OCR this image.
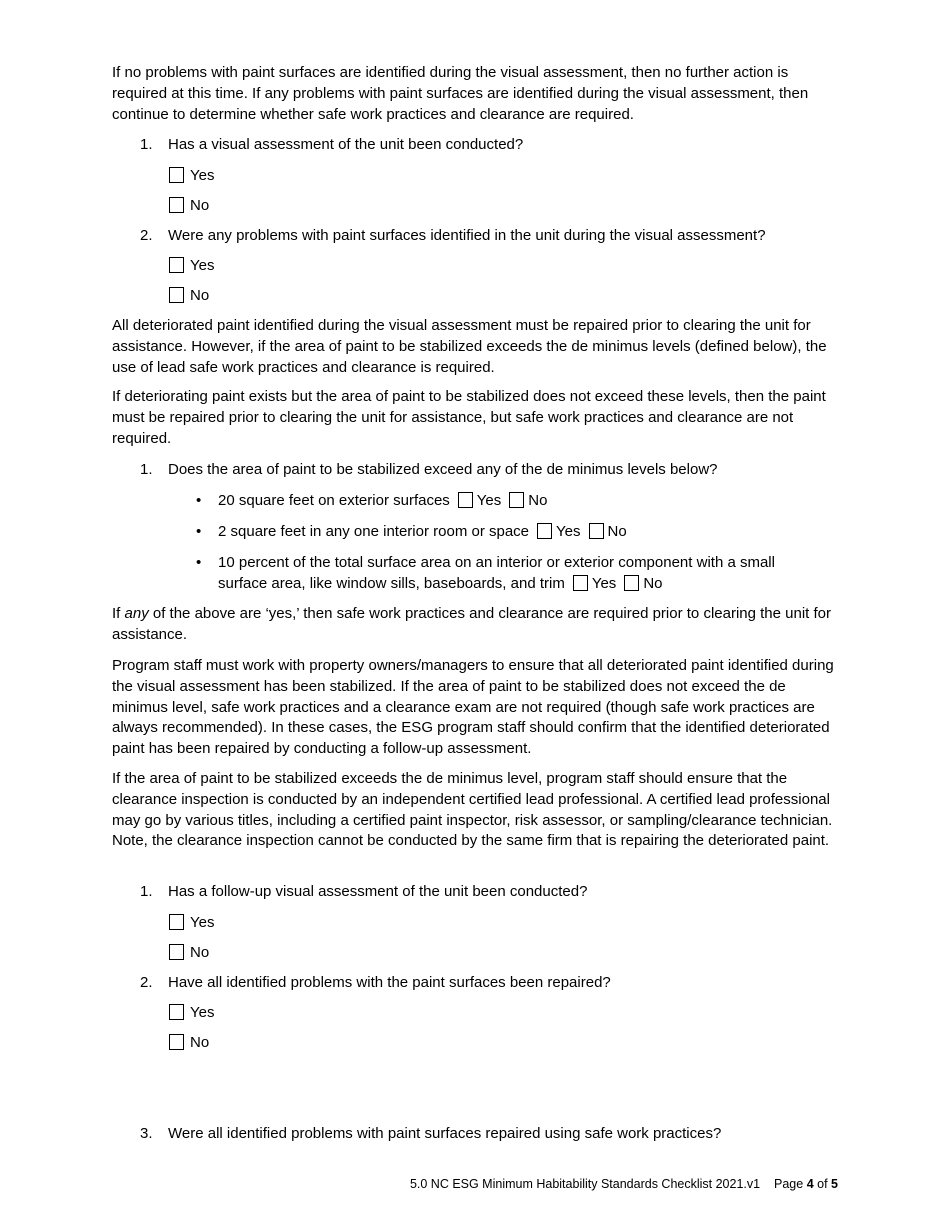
If no problems with paint surfaces are identified during the visual assessment, then no further action is required at this time. If any problems with paint surfaces are identified during the visual assessment, then continue to determine whether safe work practices and clearance are required.

1. Has a visual assessment of the unit been conducted?
Yes
No
2. Were any problems with paint surfaces identified in the unit during the visual assessment?
Yes
No

All deteriorated paint identified during the visual assessment must be repaired prior to clearing the unit for assistance. However, if the area of paint to be stabilized exceeds the de minimus levels (defined below), the use of lead safe work practices and clearance is required.

If deteriorating paint exists but the area of paint to be stabilized does not exceed these levels, then the paint must be repaired prior to clearing the unit for assistance, but safe work practices and clearance are not required.

1. Does the area of paint to be stabilized exceed any of the de minimus levels below?
• 20 square feet on exterior surfaces Yes No
• 2 square feet in any one interior room or space Yes No
• 10 percent of the total surface area on an interior or exterior component with a small
surface area, like window sills, baseboards, and trim Yes No

If any of the above are ‘yes,’ then safe work practices and clearance are required prior to clearing the unit for assistance.

Program staff must work with property owners/managers to ensure that all deteriorated paint identified during the visual assessment has been stabilized. If the area of paint to be stabilized does not exceed the de minimus level, safe work practices and a clearance exam are not required (though safe work practices are always recommended). In these cases, the ESG program staff should confirm that the identified deteriorated paint has been repaired by conducting a follow-up assessment.

If the area of paint to be stabilized exceeds the de minimus level, program staff should ensure that the clearance inspection is conducted by an independent certified lead professional. A certified lead professional may go by various titles, including a certified paint inspector, risk assessor, or sampling/clearance technician. Note, the clearance inspection cannot be conducted by the same firm that is repairing the deteriorated paint.

1. Has a follow-up visual assessment of the unit been conducted?
Yes
No
2. Have all identified problems with the paint surfaces been repaired?
Yes
No
3. Were all identified problems with paint surfaces repaired using safe work practices?
5.0 NC ESG Minimum Habitability Standards Checklist 2021.v1 Page 4 of 5
